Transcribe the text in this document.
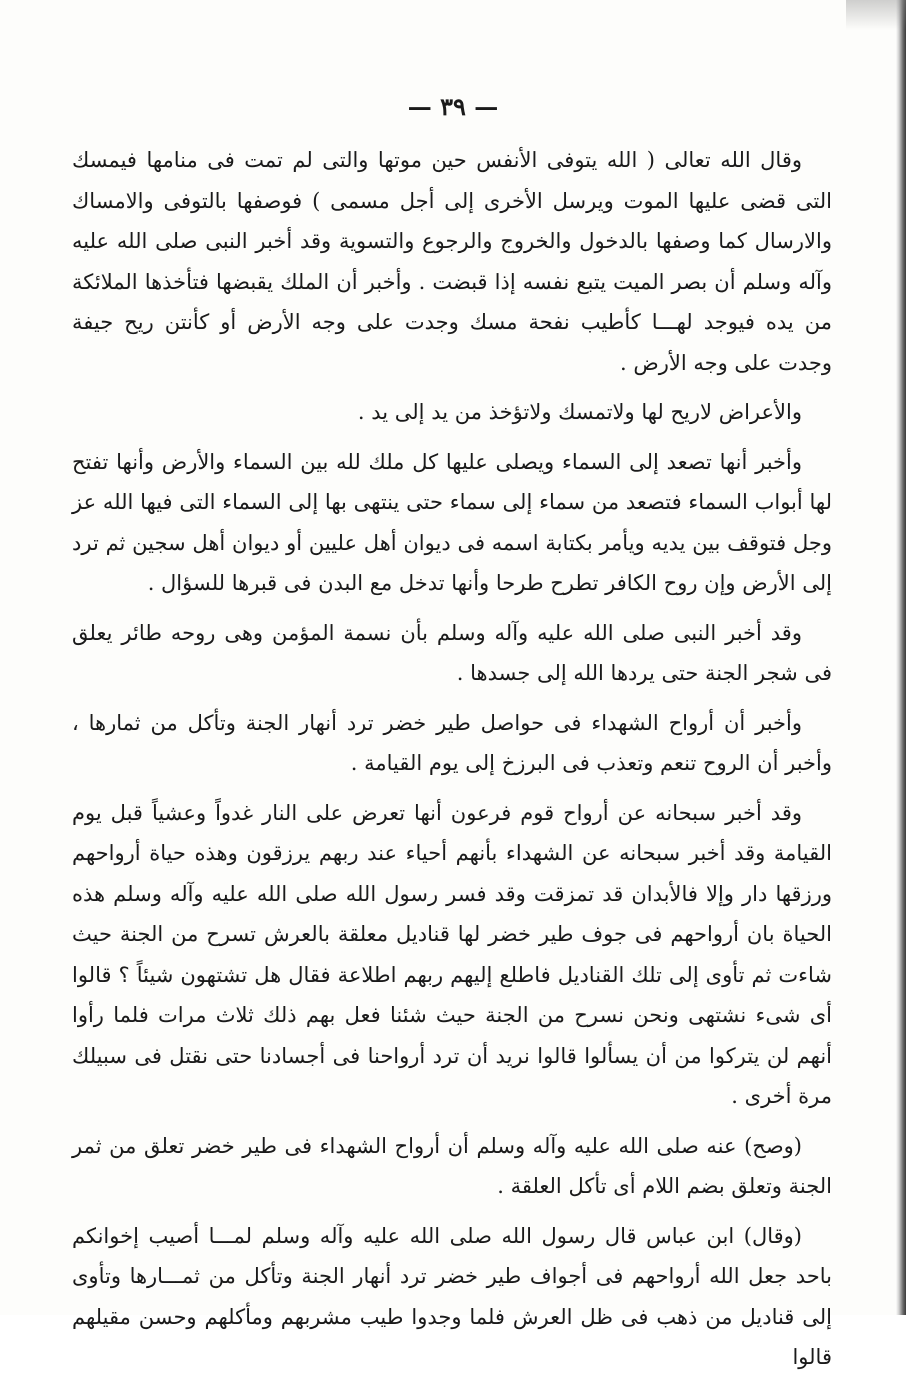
— ٣٩ —

وقال الله تعالى ( الله يتوفى الأنفس حين موتها والتى لم تمت فى منامها فيمسك التى قضى عليها الموت ويرسل الأخرى إلى أجل مسمى ) فوصفها بالتوفى والامساك والارسال كما وصفها بالدخول والخروج والرجوع والتسوية وقد أخبر النبى صلى الله عليه وآله وسلم أن بصر الميت يتبع نفسه إذا قبضت . وأخبر أن الملك يقبضها فتأخذها الملائكة من يده فيوجد لهـــا كأطيب نفحة مسك وجدت على وجه الأرض أو كأنتن ريح جيفة وجدت على وجه الأرض .

والأعراض لاريح لها ولاتمسك ولاتؤخذ من يد إلى يد .

وأخبر أنها تصعد إلى السماء ويصلى عليها كل ملك لله بين السماء والأرض وأنها تفتح لها أبواب السماء فتصعد من سماء إلى سماء حتى ينتهى بها إلى السماء التى فيها الله عز وجل فتوقف بين يديه ويأمر بكتابة اسمه فى ديوان أهل عليين أو ديوان أهل سجين ثم ترد إلى الأرض وإن روح الكافر تطرح طرحا وأنها تدخل مع البدن فى قبرها للسؤال .

وقد أخبر النبى صلى الله عليه وآله وسلم بأن نسمة المؤمن وهى روحه طائر يعلق فى شجر الجنة حتى يردها الله إلى جسدها .

وأخبر أن أرواح الشهداء فى حواصل طير خضر ترد أنهار الجنة وتأكل من ثمارها ، وأخبر أن الروح تنعم وتعذب فى البرزخ إلى يوم القيامة .

وقد أخبر سبحانه عن أرواح قوم فرعون أنها تعرض على النار غدواً وعشياً قبل يوم القيامة وقد أخبر سبحانه عن الشهداء بأنهم أحياء عند ربهم يرزقون وهذه حياة أرواحهم ورزقها دار وإلا فالأبدان قد تمزقت وقد فسر رسول الله صلى الله عليه وآله وسلم هذه الحياة بان أرواحهم فى جوف طير خضر لها قناديل معلقة بالعرش تسرح من الجنة حيث شاءت ثم تأوى إلى تلك القناديل فاطلع إليهم ربهم اطلاعة فقال هل تشتهون شيئاً ؟ قالوا أى شىء نشتهى ونحن نسرح من الجنة حيث شئنا فعل بهم ذلك ثلاث مرات فلما رأوا أنهم لن يتركوا من أن يسألوا قالوا نريد أن ترد أرواحنا فى أجسادنا حتى نقتل فى سبيلك مرة أخرى .

(وصح) عنه صلى الله عليه وآله وسلم أن أرواح الشهداء فى طير خضر تعلق من ثمر الجنة وتعلق بضم اللام أى تأكل العلقة .

(وقال) ابن عباس قال رسول الله صلى الله عليه وآله وسلم لمـــا أصيب إخوانكم باحد جعل الله أرواحهم فى أجواف طير خضر ترد أنهار الجنة وتأكل من ثمـــارها وتأوى إلى قناديل من ذهب فى ظل العرش فلما وجدوا طيب مشربهم ومأكلهم وحسن مقيلهم قالوا
